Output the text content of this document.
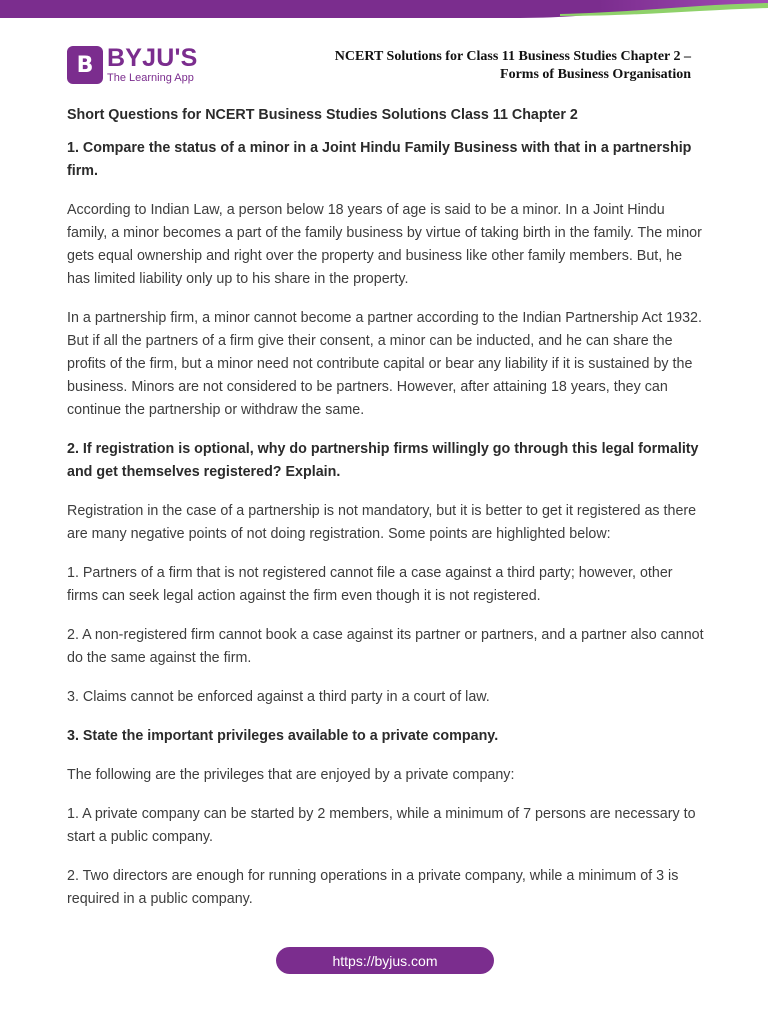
B BYJU'S
The Learning App
NCERT Solutions for Class 11 Business Studies Chapter 2 –
Forms of Business Organisation

Short Questions for NCERT Business Studies Solutions Class 11 Chapter 2

1. Compare the status of a minor in a Joint Hindu Family Business with that in a partnership firm.

According to Indian Law, a person below 18 years of age is said to be a minor. In a Joint Hindu family, a minor becomes a part of the family business by virtue of taking birth in the family. The minor gets equal ownership and right over the property and business like other family members. But, he has limited liability only up to his share in the property.

In a partnership firm, a minor cannot become a partner according to the Indian Partnership Act 1932. But if all the partners of a firm give their consent, a minor can be inducted, and he can share the profits of the firm, but a minor need not contribute capital or bear any liability if it is sustained by the business. Minors are not considered to be partners. However, after attaining 18 years, they can continue the partnership or withdraw the same.

2. If registration is optional, why do partnership firms willingly go through this legal formality and get themselves registered? Explain.

Registration in the case of a partnership is not mandatory, but it is better to get it registered as there are many negative points of not doing registration. Some points are highlighted below:

1. Partners of a firm that is not registered cannot file a case against a third party; however, other firms can seek legal action against the firm even though it is not registered.

2. A non-registered firm cannot book a case against its partner or partners, and a partner also cannot do the same against the firm.

3. Claims cannot be enforced against a third party in a court of law.

3. State the important privileges available to a private company.

The following are the privileges that are enjoyed by a private company:

1. A private company can be started by 2 members, while a minimum of 7 persons are necessary to start a public company.

2. Two directors are enough for running operations in a private company, while a minimum of 3 is required in a public company.

https://byjus.com
